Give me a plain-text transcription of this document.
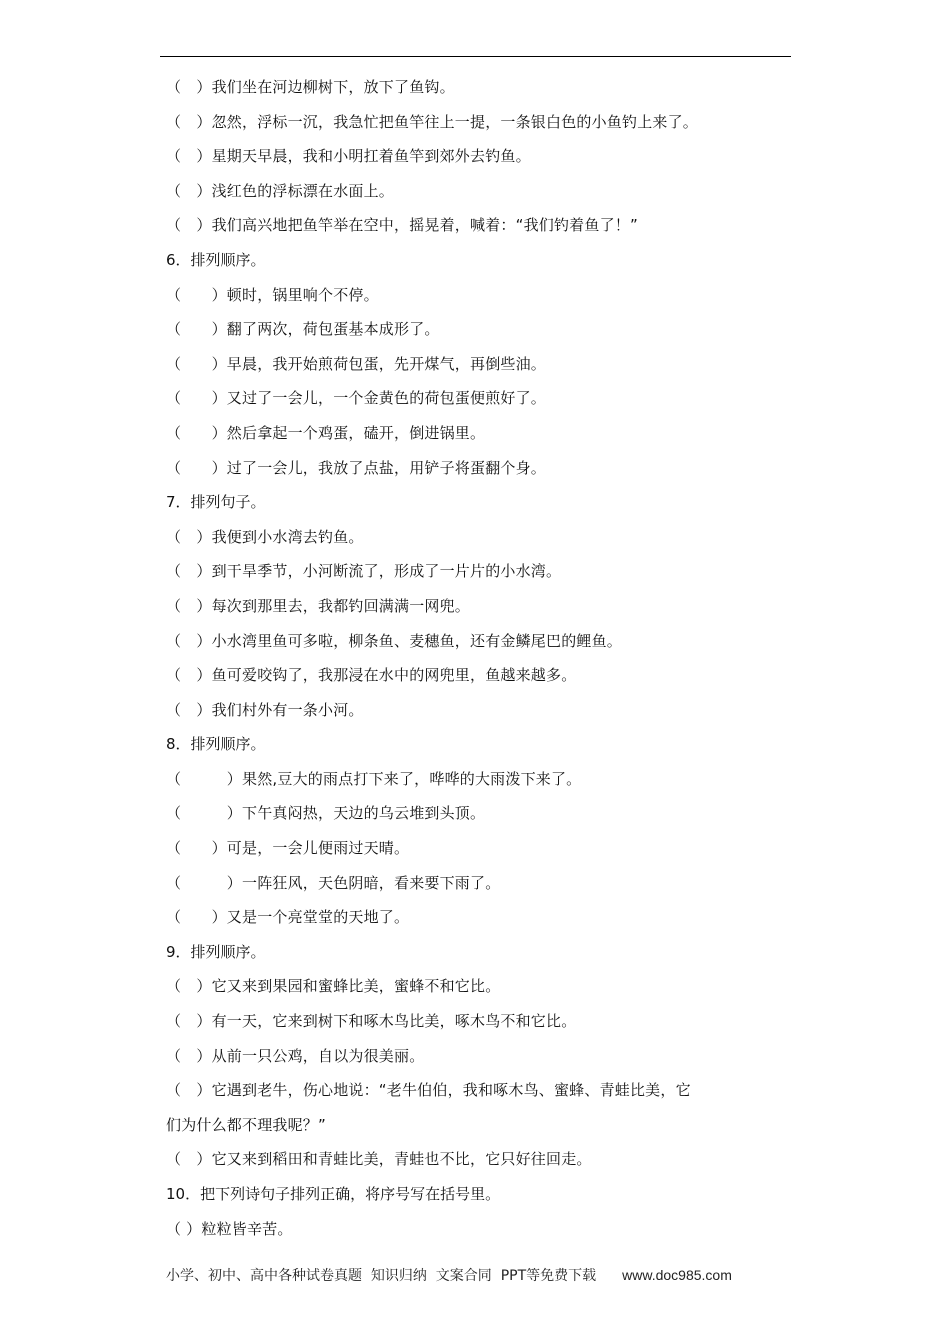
（　）我们坐在河边柳树下，放下了鱼钩。
（　）忽然，浮标一沉，我急忙把鱼竿往上一提，一条银白色的小鱼钓上来了。
（　）星期天早晨，我和小明扛着鱼竿到郊外去钓鱼。
（　）浅红色的浮标漂在水面上。
（　）我们高兴地把鱼竿举在空中，摇晃着，喊着：“我们钓着鱼了！”
6．排列顺序。
（　　）顿时，锅里响个不停。
（　　）翻了两次，荷包蛋基本成形了。
（　　）早晨，我开始煎荷包蛋，先开煤气，再倒些油。
（　　）又过了一会儿，一个金黄色的荷包蛋便煎好了。
（　　）然后拿起一个鸡蛋，磕开，倒进锅里。
（　　）过了一会儿，我放了点盐，用铲子将蛋翻个身。
7．排列句子。
（　）我便到小水湾去钓鱼。
（　）到干旱季节，小河断流了，形成了一片片的小水湾。
（　）每次到那里去，我都钓回满满一网兜。
（　）小水湾里鱼可多啦，柳条鱼、麦穗鱼，还有金鳞尾巴的鲤鱼。
（　）鱼可爱咬钩了，我那浸在水中的网兜里，鱼越来越多。
（　）我们村外有一条小河。
8．排列顺序。
（　　　）果然,豆大的雨点打下来了，哗哗的大雨泼下来了。
（　　　）下午真闷热，天边的乌云堆到头顶。
（　　）可是，一会儿便雨过天晴。
（　　　）一阵狂风，天色阴暗，看来要下雨了。
（　　）又是一个亮堂堂的天地了。
9．排列顺序。
（　）它又来到果园和蜜蜂比美，蜜蜂不和它比。
（　）有一天，它来到树下和啄木鸟比美，啄木鸟不和它比。
（　）从前一只公鸡，自以为很美丽。
（　）它遇到老牛，伤心地说：“老牛伯伯，我和啄木鸟、蜜蜂、青蛙比美，它
们为什么都不理我呢？”
（　）它又来到稻田和青蛙比美，青蛙也不比，它只好往回走。
10．把下列诗句子排列正确，将序号写在括号里。
（ ）粒粒皆辛苦。
小学、初中、高中各种试卷真题  知识归纳  文案合同  PPT等免费下载 www.doc985.com
